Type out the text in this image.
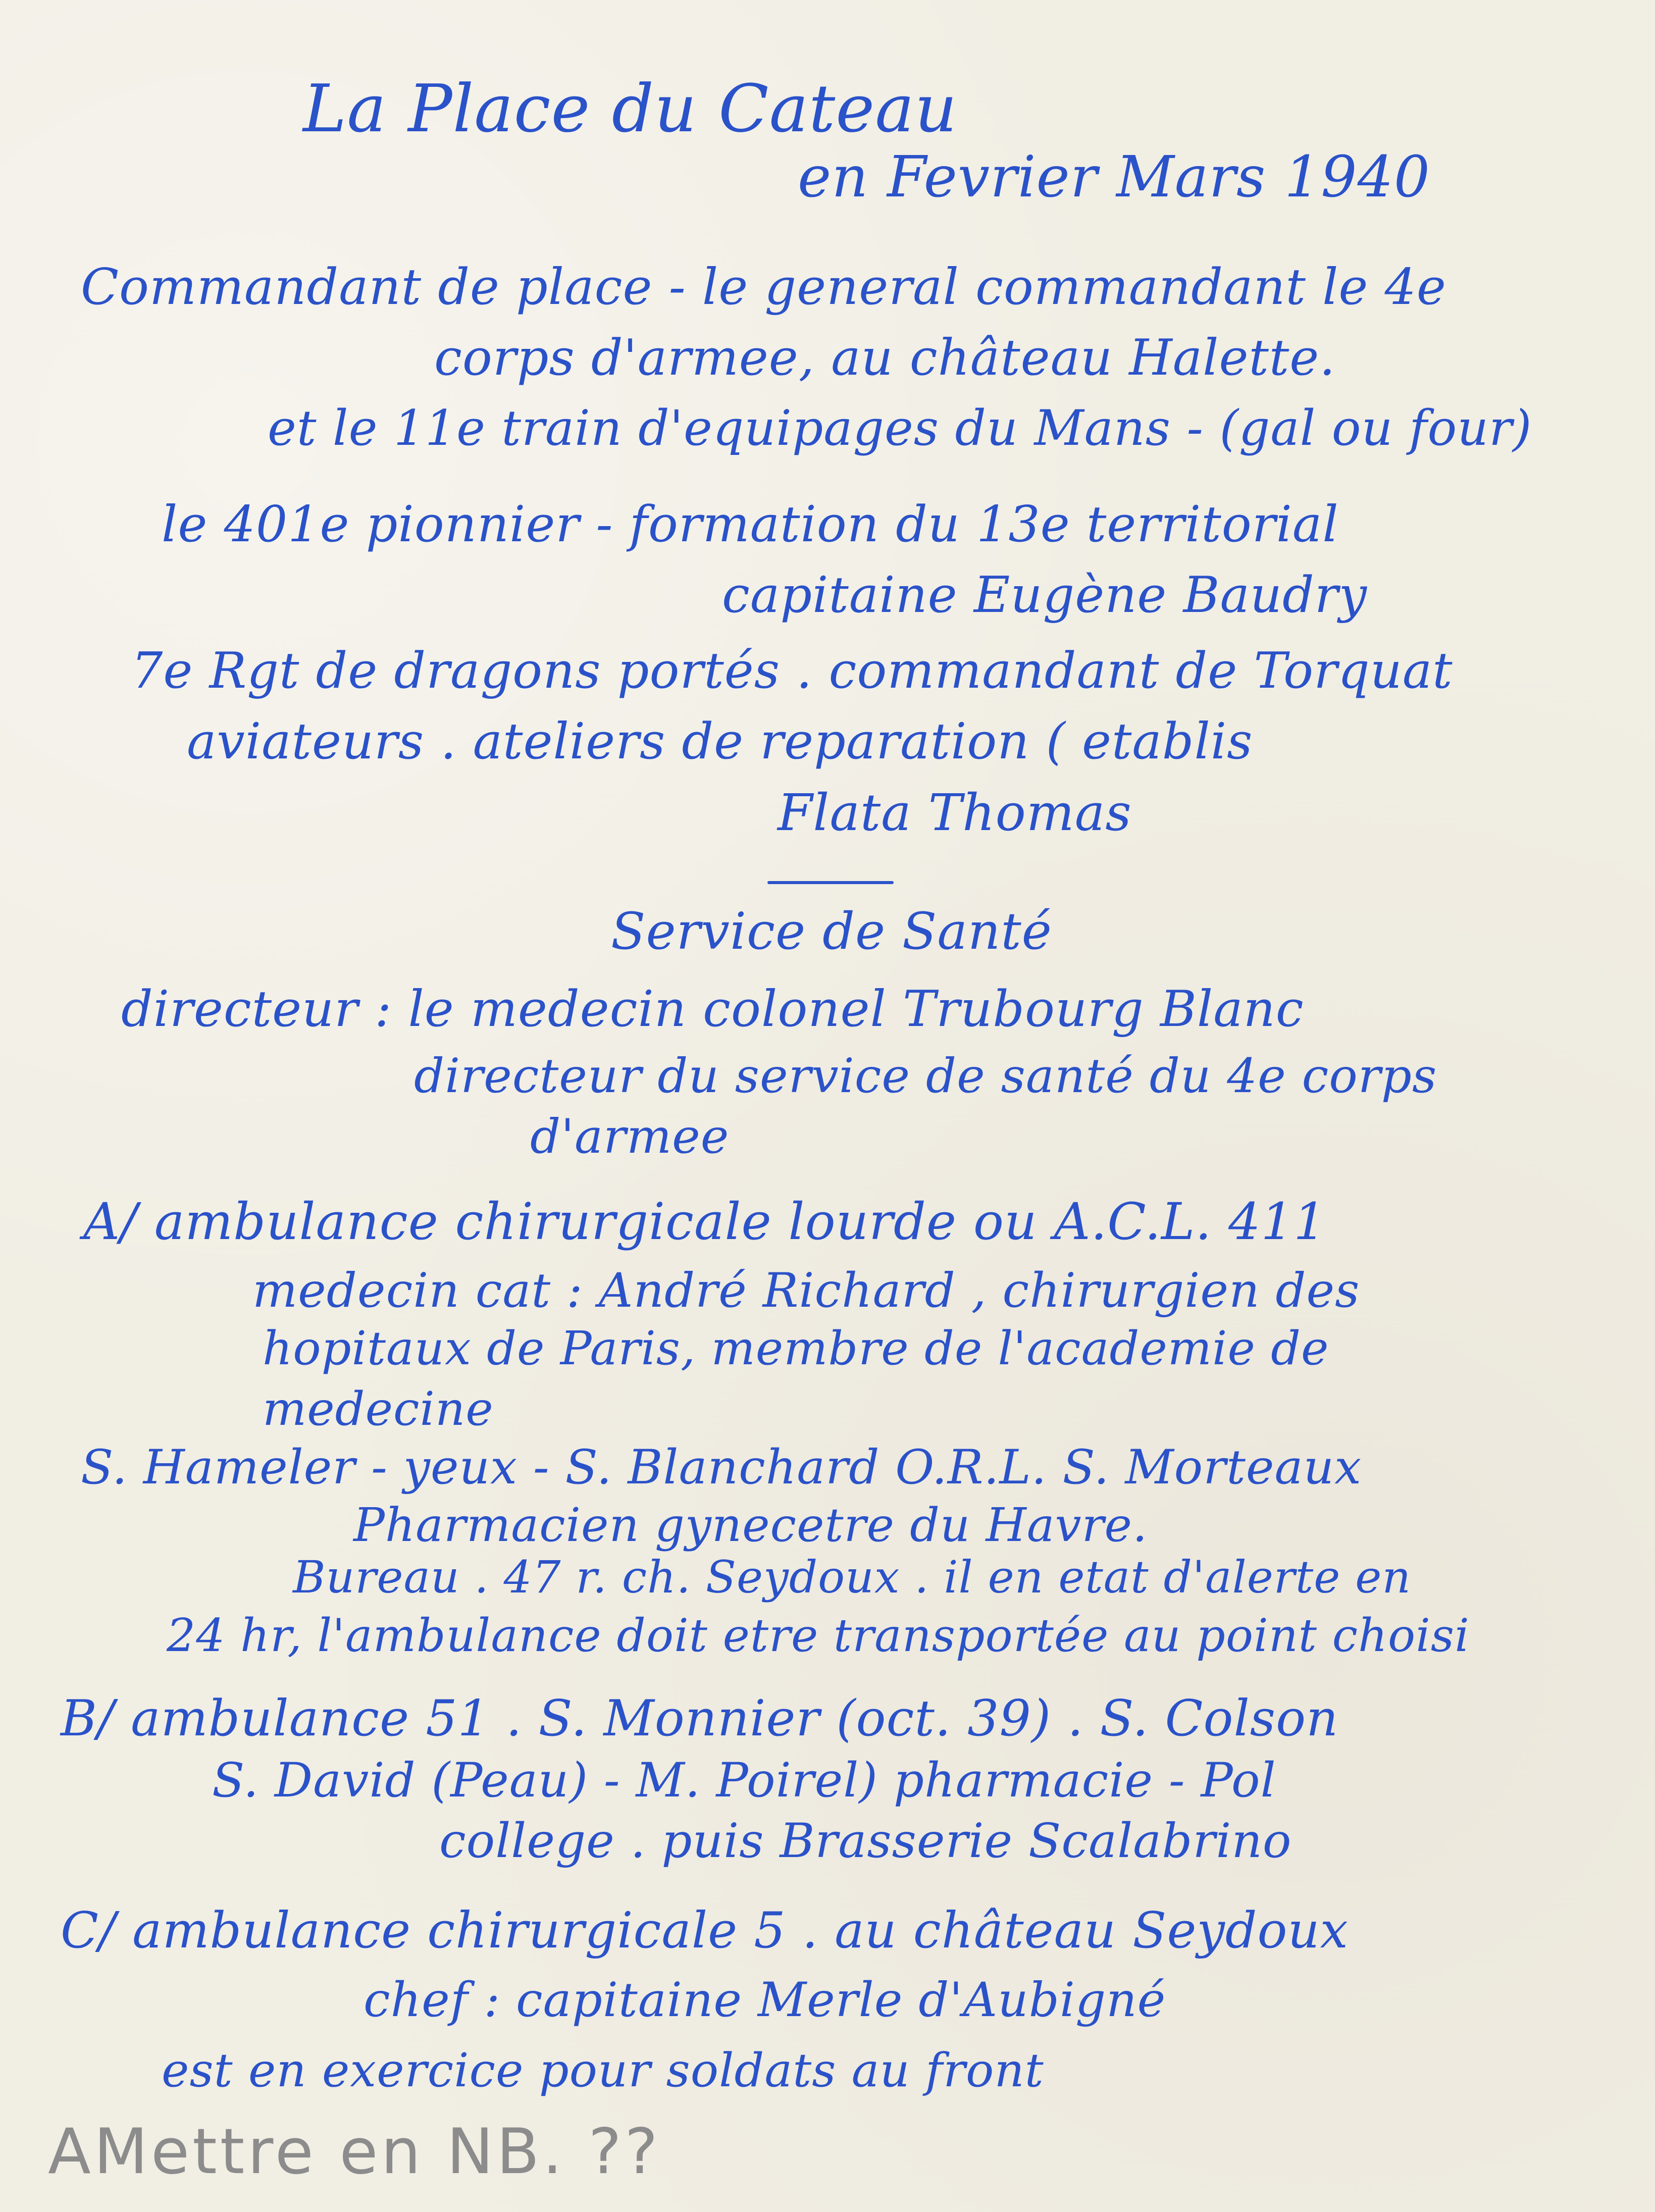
La Place du Cateau
en Fevrier Mars 1940
Commandant de place - le general commandant le 4e
corps d'armee, au château Halette.
et le 11e train d'equipages du Mans - (gal ou four)
le 401e pionnier - formation du 13e territorial
capitaine Eugène Baudry
7e Rgt de dragons portés . commandant de Torquat
aviateurs . ateliers de reparation ( etablis
Flata Thomas
Service de Santé
directeur : le medecin colonel Trubourg Blanc
directeur du service de santé du 4e corps
d'armee
A/ ambulance chirurgicale lourde ou A.C.L. 411
medecin cat : André Richard , chirurgien des
hopitaux de Paris, membre de l'academie de
medecine
S. Hameler - yeux - S. Blanchard O.R.L. S. Morteaux
Pharmacien gynecetre du Havre.
Bureau . 47 r. ch. Seydoux . il en etat d'alerte en
24 hr, l'ambulance doit etre transportée au point choisi
B/ ambulance 51 . S. Monnier (oct. 39) . S. Colson
S. David (Peau) - M. Poirel) pharmacie - Pol
college . puis Brasserie Scalabrino
C/ ambulance chirurgicale 5 . au château Seydoux
chef : capitaine Merle d'Aubigné
est en exercice pour soldats au front
AMettre en NB. ??
